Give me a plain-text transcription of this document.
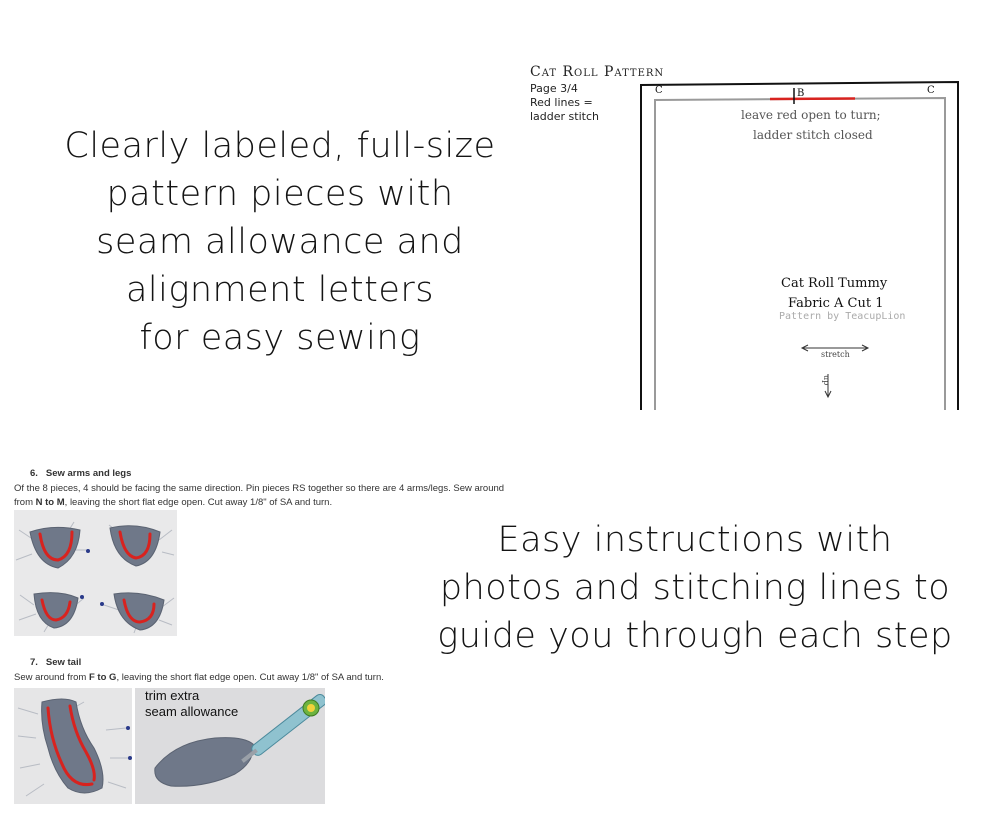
Clearly labeled, full-size
pattern pieces with
seam allowance and
alignment letters
for easy sewing
Cat Roll Pattern
Page 3/4
Red lines =
ladder stitch
C	C
B
leave red open to turn;
ladder stitch closed
Cat Roll Tummy
Fabric A Cut 1
Pattern by TeacupLion
stretch
up
6. Sew arms and legs
Of the 8 pieces, 4 should be facing the same direction. Pin pieces RS together so there are 4 arms/legs. Sew around
from N to M, leaving the short flat edge open. Cut away 1/8" of SA and turn.
7. Sew tail
Sew around from F to G, leaving the short flat edge open. Cut away 1/8" of SA and turn.
trim extra
seam allowance
Easy instructions with
photos and stitching lines to
guide you through each step
